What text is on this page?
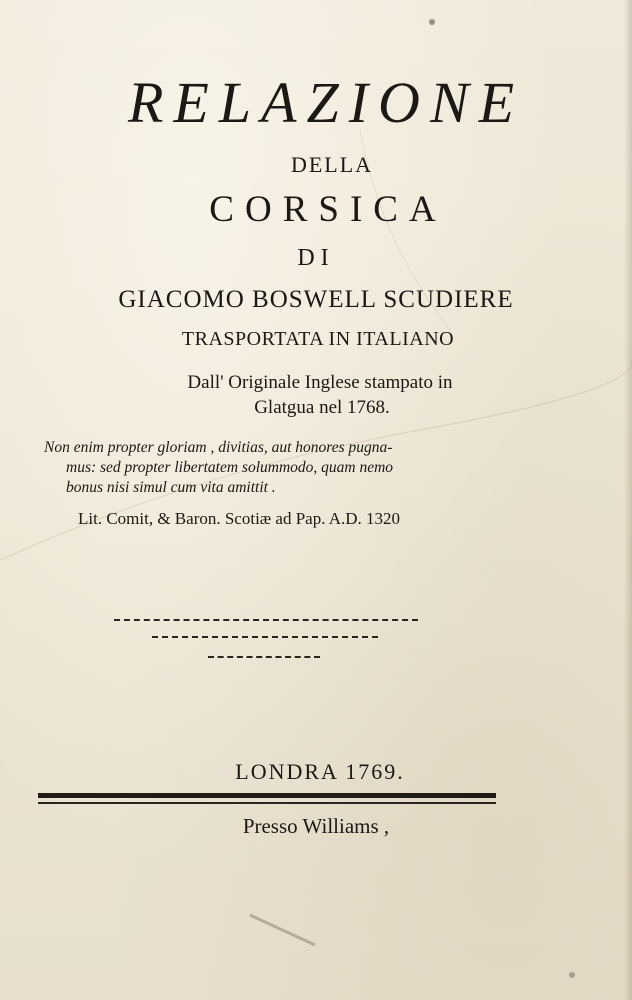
RELAZIONE
DELLA
CORSICA
DI
GIACOMO BOSWELL SCUDIERE
TRASPORTATA IN ITALIANO
Dall' Originale Inglese stampato in
Glatgua nel 1768.
Non enim propter gloriam , divitias, aut honores pugna-
mus: sed propter libertatem solummodo, quam nemo
bonus nisi simul cum vita amittit .
Lit. Comit, & Baron. Scotiæ ad Pap. A.D. 1320
LONDRA 1769.
Presso Williams ,
